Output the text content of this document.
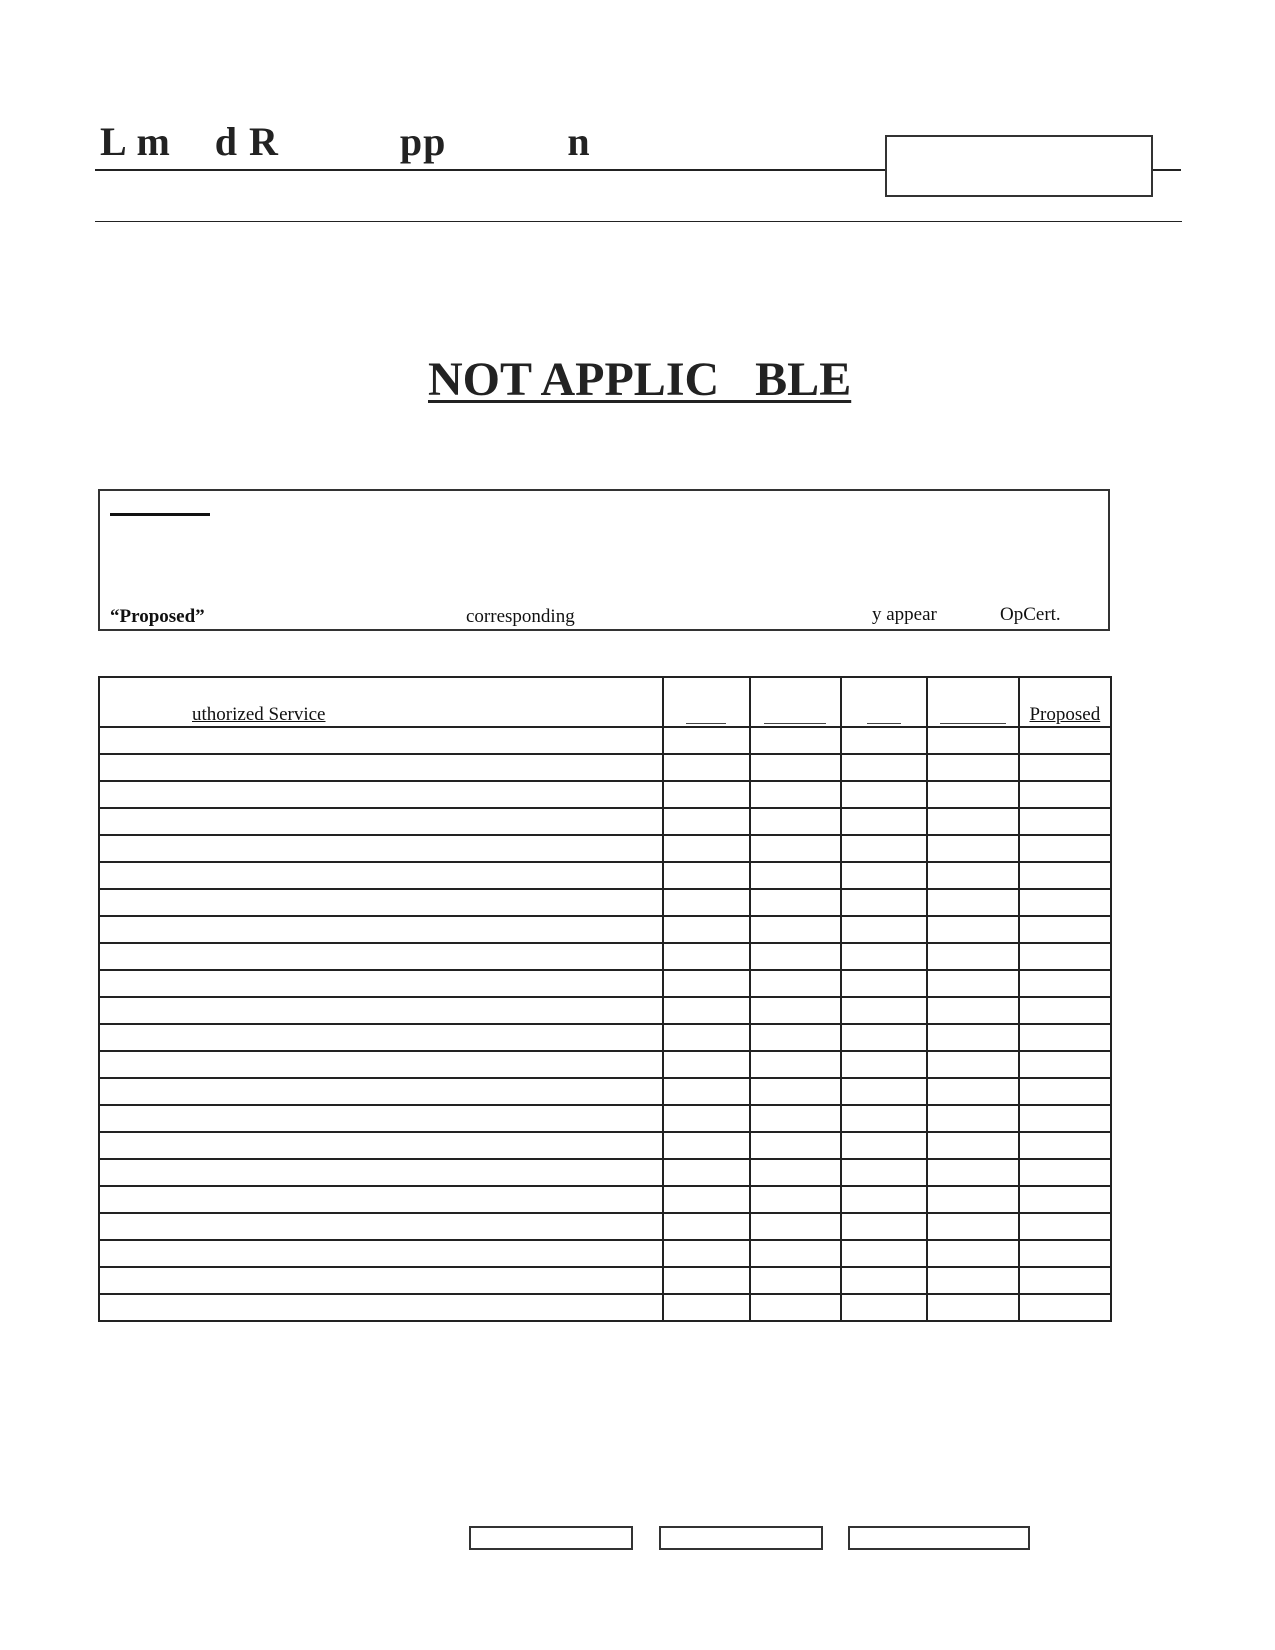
L m    d R           pp           n
NOT APPLIC   BLE
“Proposed”	corresponding	y appear	OpCert.
uthorized Service					Proposed
